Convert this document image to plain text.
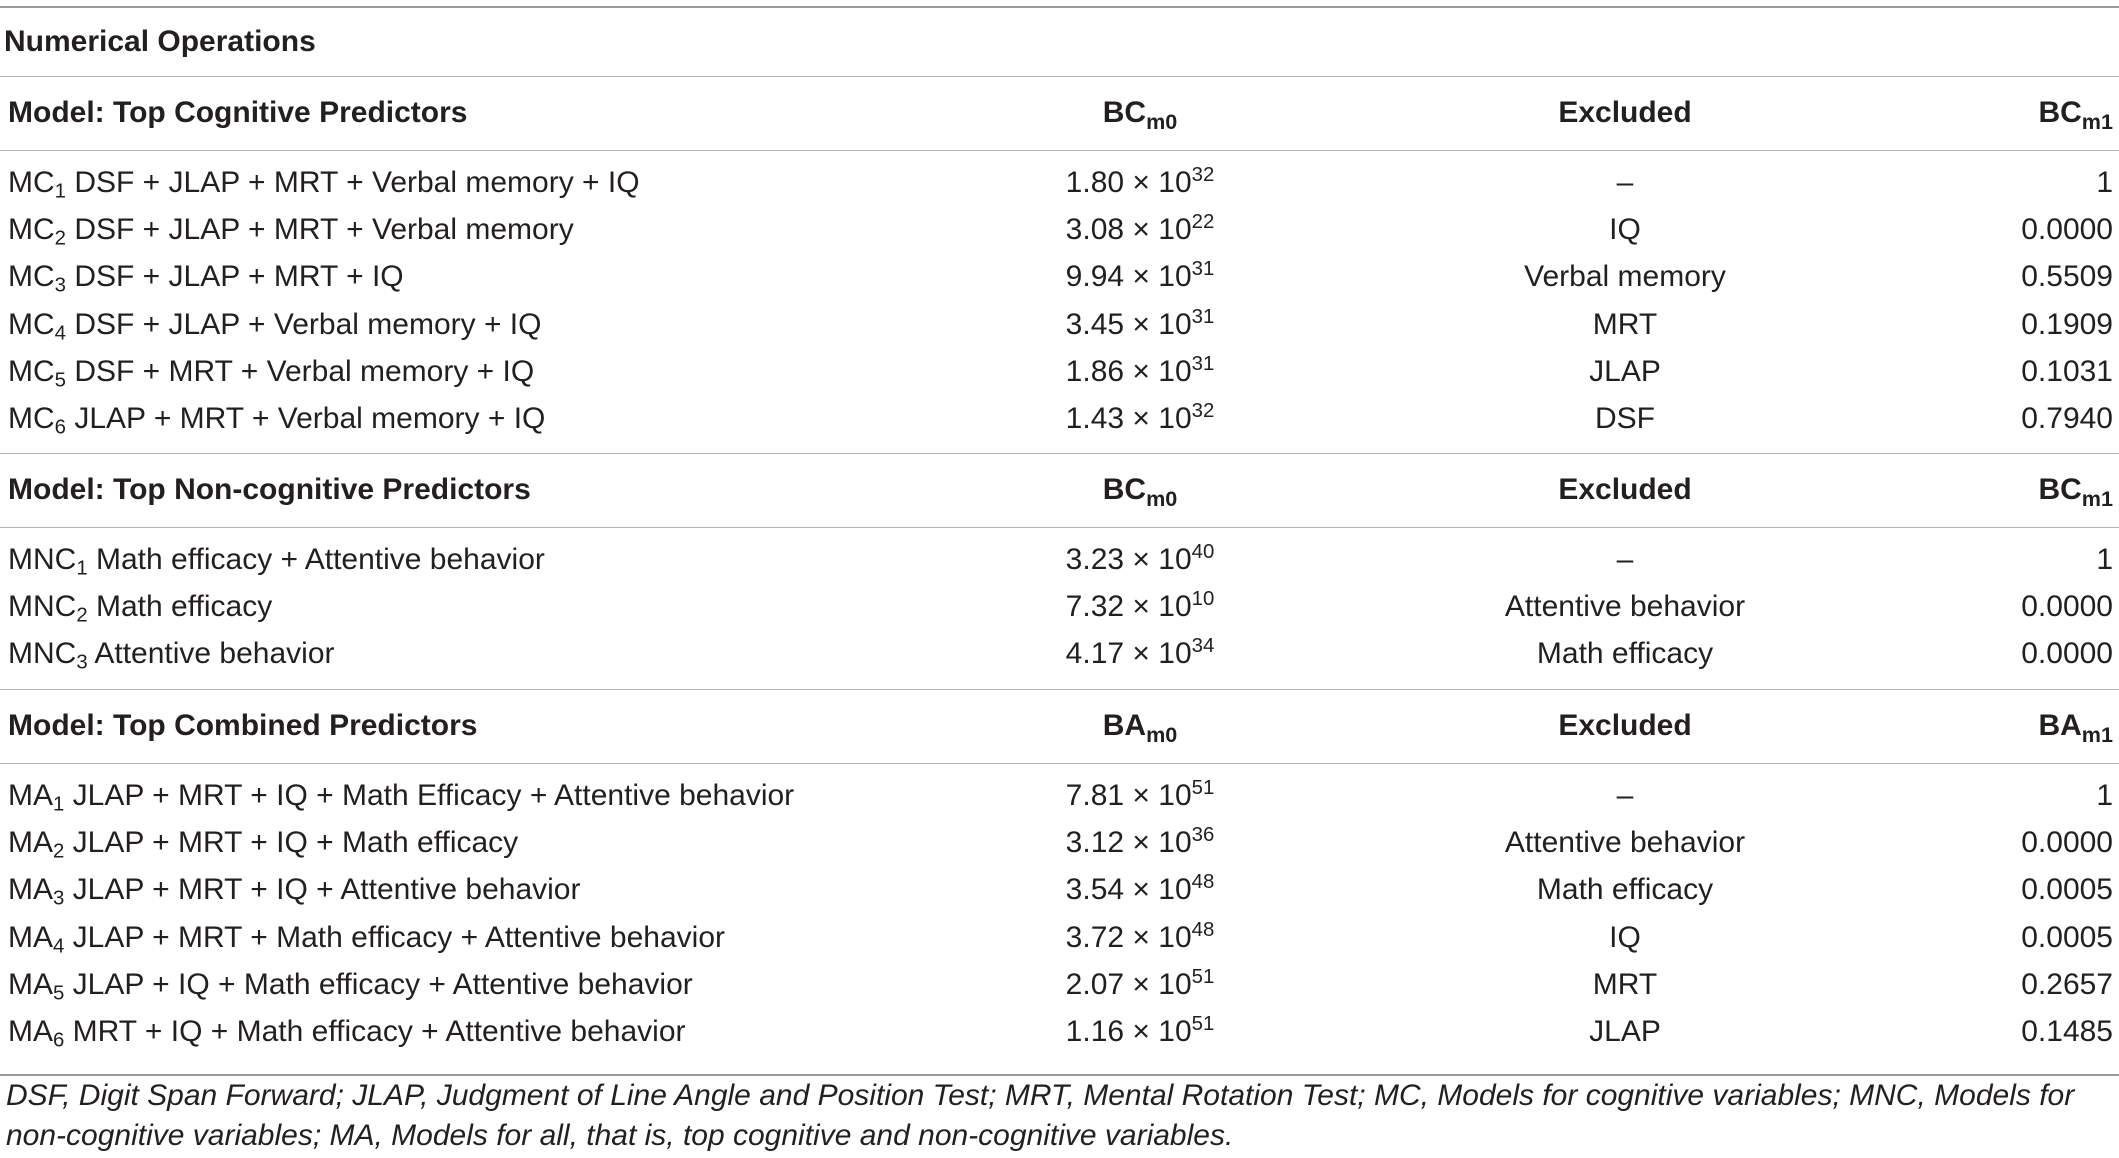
Numerical Operations
Model: Top Cognitive Predictors	$BC_{m0}$	Excluded	$BC_{m1}$
$MC_1$ DSF + JLAP + MRT + Verbal memory + IQ	$1.80 \times 10^{32}$	–	1
$MC_2$ DSF + JLAP + MRT + Verbal memory	$3.08 \times 10^{22}$	IQ	0.0000
$MC_3$ DSF + JLAP + MRT + IQ	$9.94 \times 10^{31}$	Verbal memory	0.5509
$MC_4$ DSF + JLAP + Verbal memory + IQ	$3.45 \times 10^{31}$	MRT	0.1909
$MC_5$ DSF + MRT + Verbal memory + IQ	$1.86 \times 10^{31}$	JLAP	0.1031
$MC_6$ JLAP + MRT + Verbal memory + IQ	$1.43 \times 10^{32}$	DSF	0.7940
Model: Top Non-cognitive Predictors	$BC_{m0}$	Excluded	$BC_{m1}$
$MNC_1$ Math efficacy + Attentive behavior	$3.23 \times 10^{40}$	–	1
$MNC_2$ Math efficacy	$7.32 \times 10^{10}$	Attentive behavior	0.0000
$MNC_3$ Attentive behavior	$4.17 \times 10^{34}$	Math efficacy	0.0000
Model: Top Combined Predictors	$BA_{m0}$	Excluded	$BA_{m1}$
$MA_1$ JLAP + MRT + IQ + Math Efficacy + Attentive behavior	$7.81 \times 10^{51}$	–	1
$MA_2$ JLAP + MRT + IQ + Math efficacy	$3.12 \times 10^{36}$	Attentive behavior	0.0000
$MA_3$ JLAP + MRT + IQ + Attentive behavior	$3.54 \times 10^{48}$	Math efficacy	0.0005
$MA_4$ JLAP + MRT + Math efficacy + Attentive behavior	$3.72 \times 10^{48}$	IQ	0.0005
$MA_5$ JLAP + IQ + Math efficacy + Attentive behavior	$2.07 \times 10^{51}$	MRT	0.2657
$MA_6$ MRT + IQ + Math efficacy + Attentive behavior	$1.16 \times 10^{51}$	JLAP	0.1485
DSF, Digit Span Forward; JLAP, Judgment of Line Angle and Position Test; MRT, Mental Rotation Test; MC, Models for cognitive variables; MNC, Models for non-cognitive variables; MA, Models for all, that is, top cognitive and non-cognitive variables.
